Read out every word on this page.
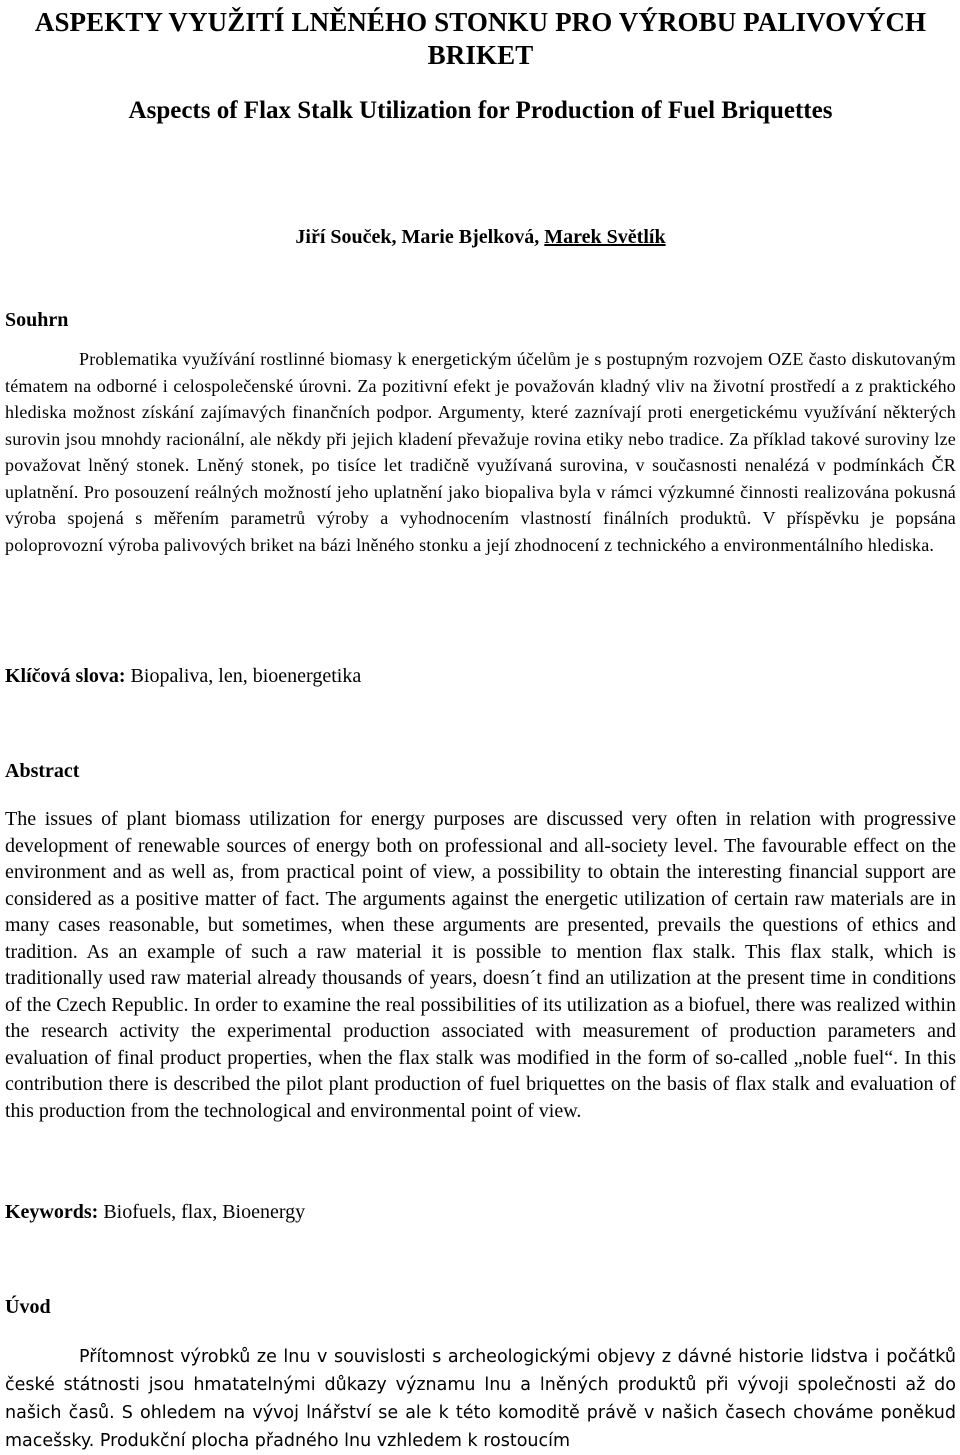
ASPEKTY VYUŽITÍ LNĚNÉHO STONKU PRO VÝROBU PALIVOVÝCH BRIKET
Aspects of Flax Stalk Utilization for Production of Fuel Briquettes

Jiří Souček, Marie Bjelková, Marek Světlík

Souhrn

Problematika využívání rostlinné biomasy k energetickým účelům je s postupným rozvojem OZE často diskutovaným tématem na odborné i celospolečenské úrovni. Za pozitivní efekt je považován kladný vliv na životní prostředí a z praktického hlediska možnost získání zajímavých finančních podpor. Argumenty, které zaznívají proti energetickému využívání některých surovin jsou mnohdy racionální, ale někdy při jejich kladení převažuje rovina etiky nebo tradice. Za příklad takové suroviny lze považovat lněný stonek. Lněný stonek, po tisíce let tradičně využívaná surovina, v současnosti nenalézá v podmínkách ČR uplatnění. Pro posouzení reálných možností jeho uplatnění jako biopaliva byla v rámci výzkumné činnosti realizována pokusná výroba spojená s měřením parametrů výroby a vyhodnocením vlastností finálních produktů. V příspěvku je popsána poloprovozní výroba palivových briket na bázi lněného stonku a její zhodnocení z technického a environmentálního hlediska.

Klíčová slova: Biopaliva, len, bioenergetika

Abstract

The issues of plant biomass utilization for energy purposes are discussed very often in relation with progressive development of renewable sources of energy both on professional and all-society level. The favourable effect on the environment and as well as, from practical point of view, a possibility to obtain the interesting financial support are considered as a positive matter of fact. The arguments against the energetic utilization of certain raw materials are in many cases reasonable, but sometimes, when these arguments are presented, prevails the questions of ethics and tradition. As an example of such a raw material it is possible to mention flax stalk. This flax stalk, which is traditionally used raw material already thousands of years, doesn´t find an utilization at the present time in conditions of the Czech Republic. In order to examine the real possibilities of its utilization as a biofuel, there was realized within the research activity the experimental production associated with measurement of production parameters and evaluation of final product properties, when the flax stalk was modified in the form of so-called „noble fuel“. In this contribution there is described the pilot plant production of fuel briquettes on the basis of flax stalk and evaluation of this production from the technological and environmental point of view.

Keywords: Biofuels, flax, Bioenergy

Úvod

Přítomnost výrobků ze lnu v souvislosti s archeologickými objevy z dávné historie lidstva i počátků české státnosti jsou hmatatelnými důkazy významu lnu a lněných produktů při vývoji společnosti až do našich časů. S ohledem na vývoj lnářství se ale k této komoditě právě v našich časech chováme poněkud macešsky. Produkční plocha přadného lnu vzhledem k rostoucím
